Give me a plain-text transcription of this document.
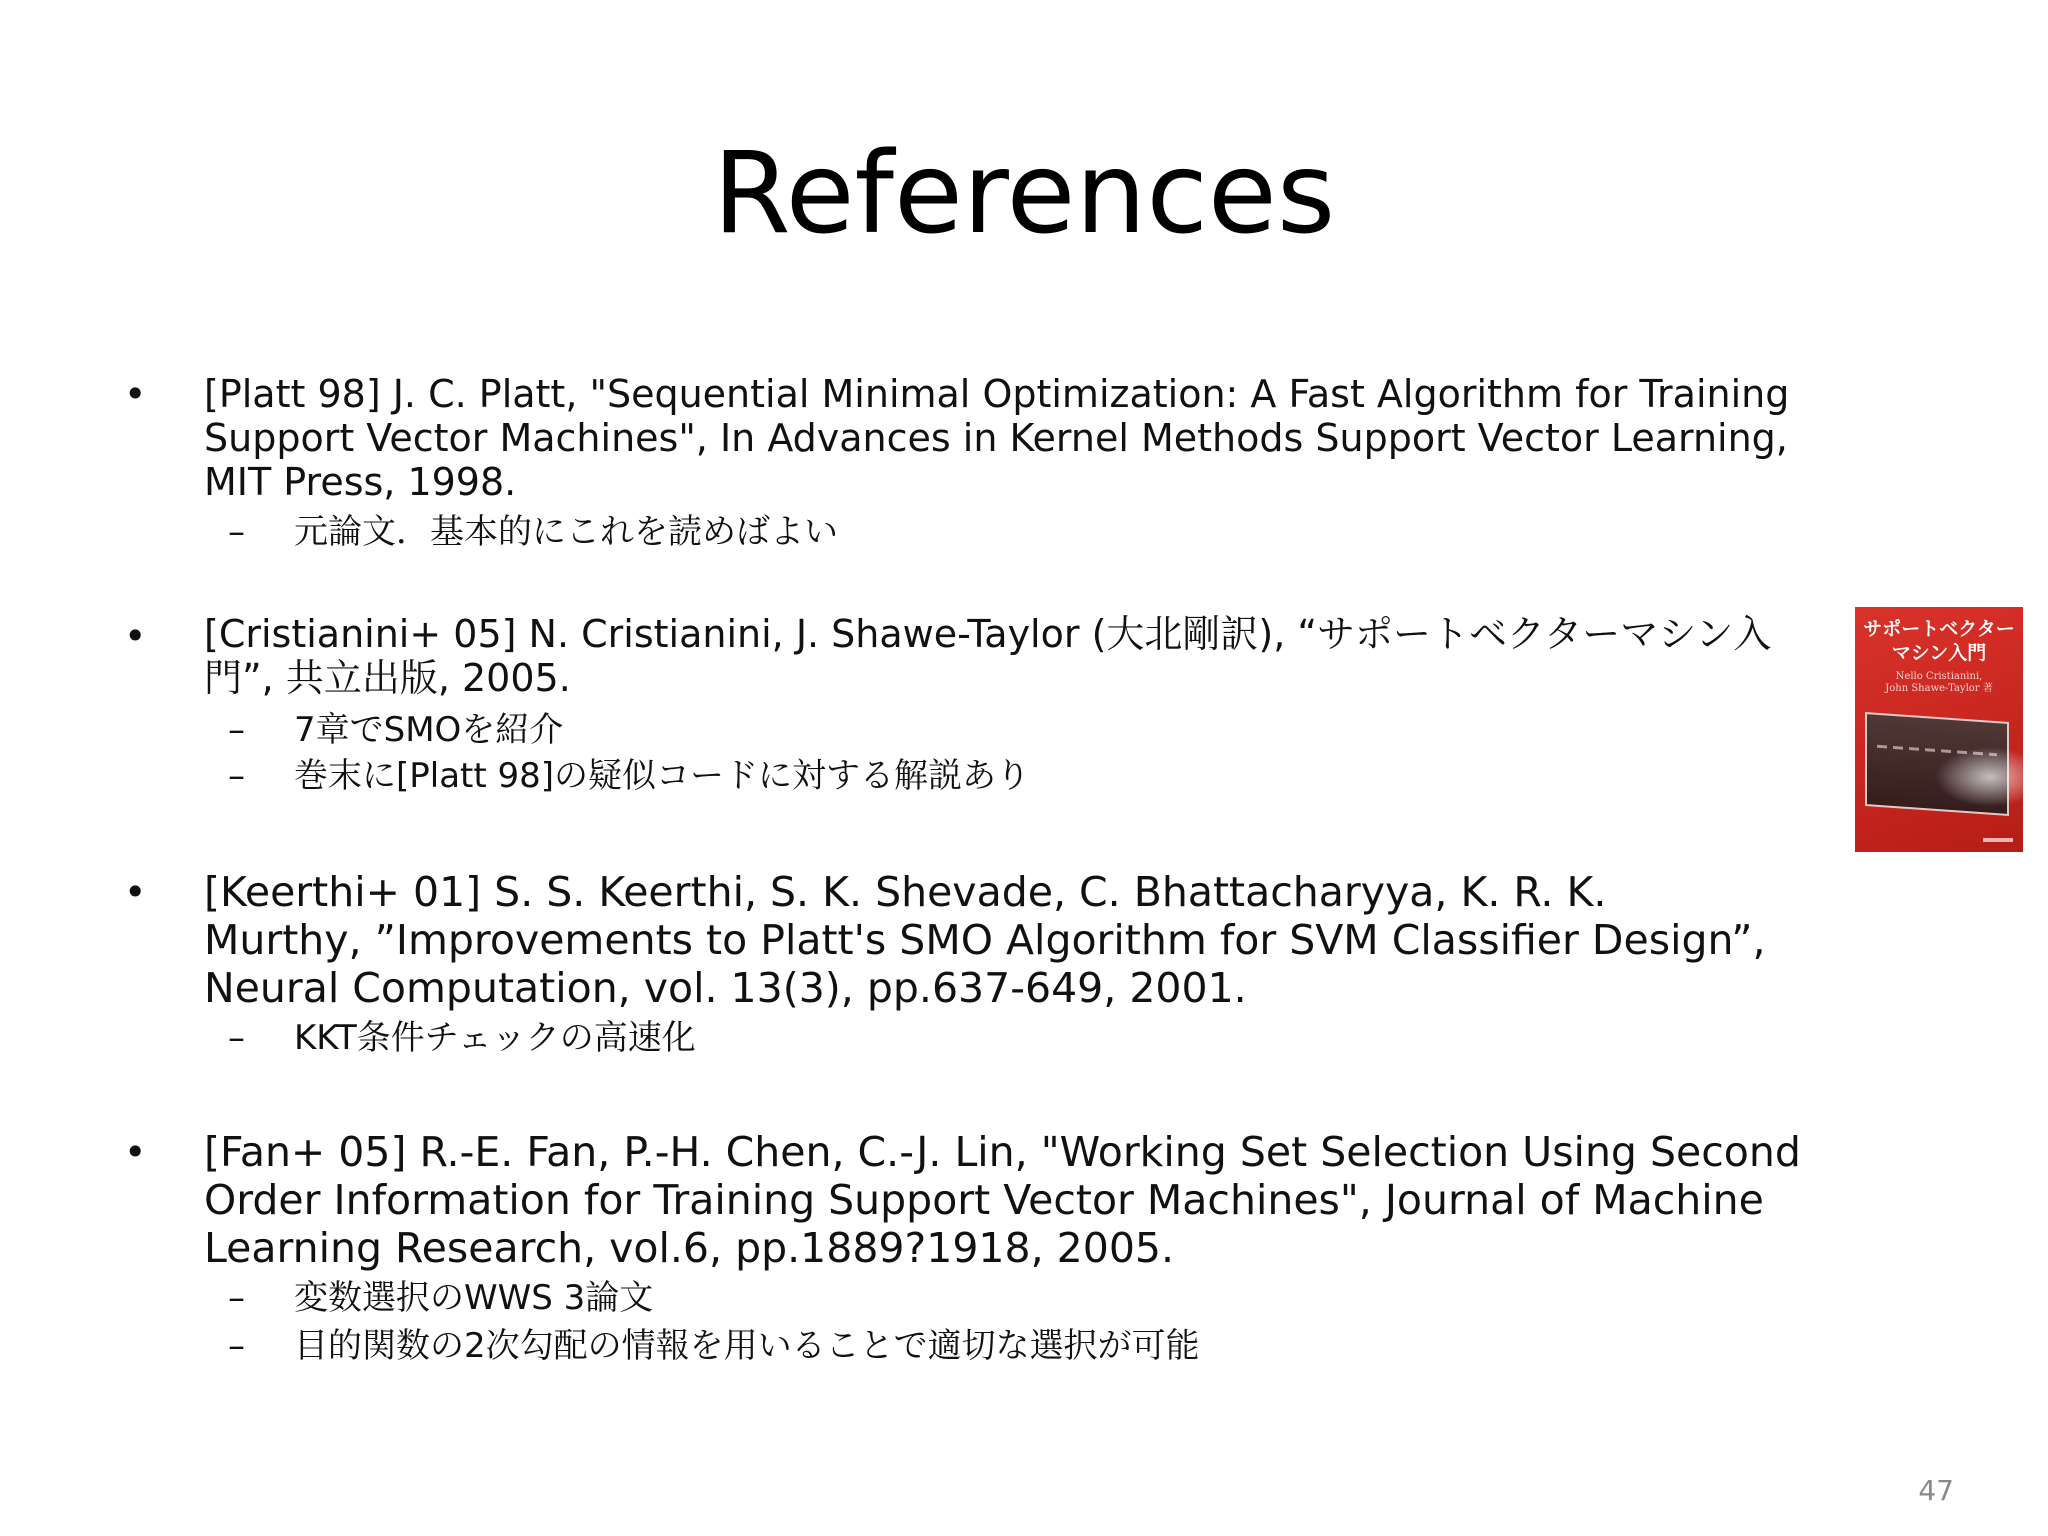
References
• [Platt 98] J. C. Platt, "Sequential Minimal Optimization: A Fast Algorithm for Training
Support Vector Machines", In Advances in Kernel Methods Support Vector Learning,
MIT Press, 1998.
– 元論文．基本的にこれを読めばよい
• [Cristianini+ 05] N. Cristianini, J. Shawe-Taylor (大北剛訳), “サポートベクターマシン入
門”, 共立出版, 2005.
– 7章でSMOを紹介
– 巻末に[Platt 98]の疑似コードに対する解説あり
• [Keerthi+ 01] S. S. Keerthi, S. K. Shevade, C. Bhattacharyya, K. R. K.
Murthy, ”Improvements to Platt's SMO Algorithm for SVM Classifier Design”,
Neural Computation, vol. 13(3), pp.637-649, 2001.
– KKT条件チェックの高速化
• [Fan+ 05] R.-E. Fan, P.-H. Chen, C.-J. Lin, "Working Set Selection Using Second
Order Information for Training Support Vector Machines", Journal of Machine
Learning Research, vol.6, pp.1889?1918, 2005.
– 変数選択のWWS 3論文
– 目的関数の2次勾配の情報を用いることで適切な選択が可能
サポートベクター
マシン入門
Nello Cristianini,
John Shawe-Taylor 著
47
